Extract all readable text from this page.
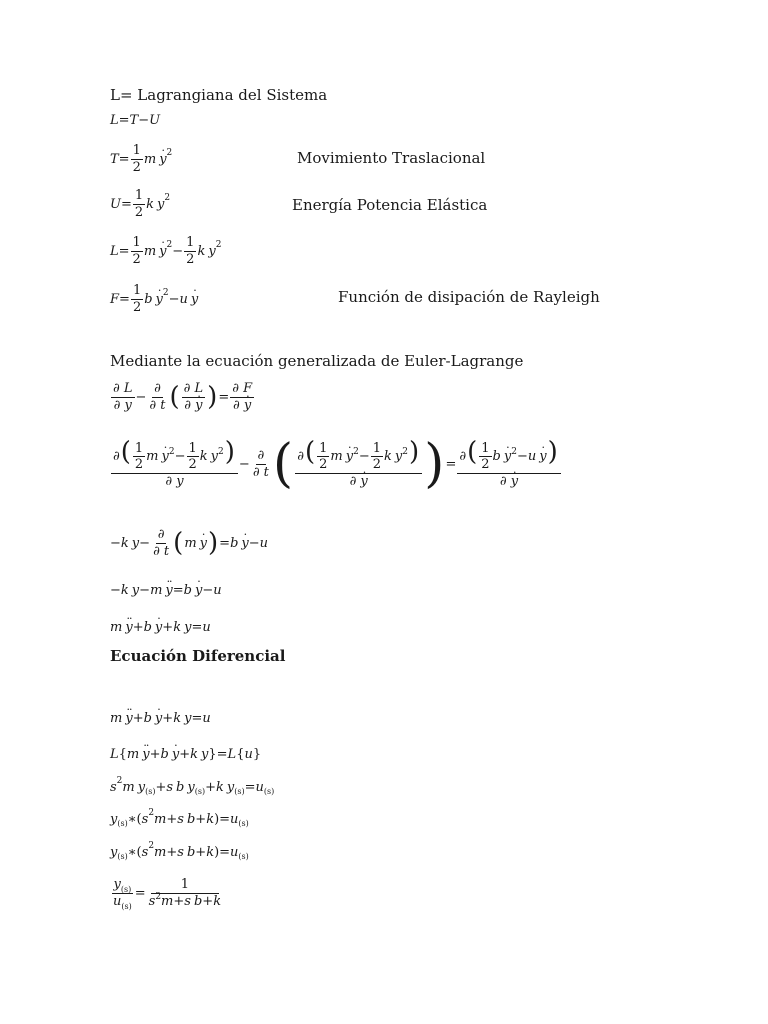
L= Lagrangiana del Sistema
Movimiento Traslacional
Energía Potencia Elástica
Función de disipación de Rayleigh
Mediante la ecuación generalizada de Euler-Lagrange
Ecuación Diferencial
L = T − U
$T = \frac{1}{2}$ m y · 2
$U = \frac{1}{2}$ k y 2
$L = \frac{1}{2}$ m $y \cdot 2 - \frac{1}{2}$ k y 2
$F = \frac{1}{2}$ b y · 2 − u y ·
$\frac{\partial L}{\partial y} - \frac{\partial}{\partial t}$ ( $\frac{\partial L}{\partial y}$ · ) = $\frac{\partial F}{\partial y}$ ·
$\frac{\partial( \frac{1}{2} m y \cdot^2- \frac{1}{2} k y^2)}{\partial y} - \frac{\partial}{\partial t}$ ( $\frac{\partial( \frac{1}{2} m y \cdot^2- \frac{1}{2} k y^2)}{\partial y}$ · ) = $\frac{\partial( \frac{1}{2} b y \cdot^2-u y \cdot)}{\partial y}$ ·
− k $y - \frac{\partial}{\partial t}$ ( m y · ) = b y · − u
− k y − m y ·· = b y · − u
m y ·· + b y · + k y = u
m y ·· + b y · + k y = u
L { m y ·· + b y · + k y } = L { u }
s 2 m y (s) + s b y (s) + k y (s) = u (s)
y (s) ∗( s 2 m + s b + k )= u (s)
y (s) ∗( s 2 m + s b + k )= u (s)
$\frac{y_{(s)}}{u_{(s)}} = \frac{1}{s^2m+s b+k}$
